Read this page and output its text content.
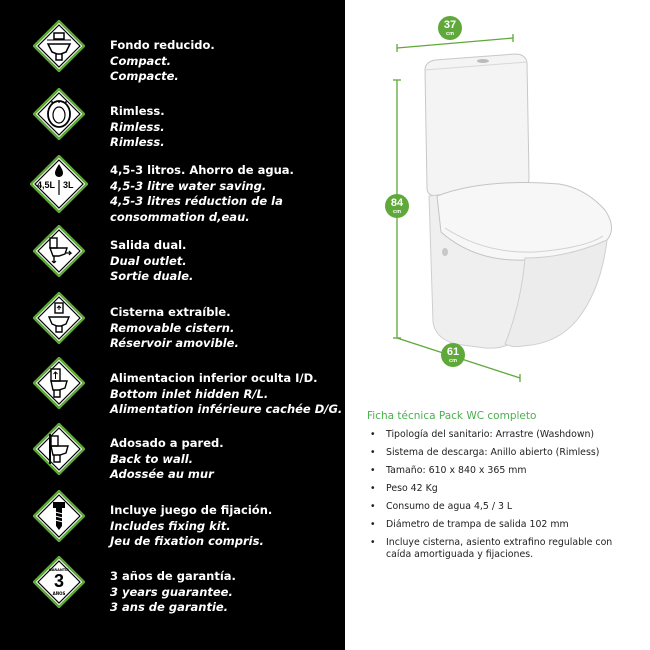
Fondo reducido.
Compact.
Compacte.
Rimless.
Rimless.
Rimless.
4,5L 3L
4,5-3 litros. Ahorro de agua.
4,5-3 litre water saving.
4,5-3 litres réduction de la
consommation d,eau.
Salida dual.
Dual outlet.
Sortie duale.
Cisterna extraíble.
Removable cistern.
Réservoir amovible.
Alimentacion inferior oculta I/D.
Bottom inlet hidden R/L.
Alimentation inférieure cachée D/G.
Adosado a pared.
Back to wall.
Adossée au mur
Incluye juego de fijación.
Includes fixing kit.
Jeu de fixation compris.
GARANTÍA
3
AÑOS
3 años de garantía.
3 years guarantee.
3 ans de garantie.
37
cm
84
cm
61
cm
Ficha técnica Pack WC completo
• Tipología del sanitario: Arrastre (Washdown)
• Sistema de descarga: Anillo abierto (Rimless)
• Tamaño: 610 x 840 x 365 mm
• Peso 42 Kg
• Consumo de agua 4,5 / 3 L
• Diámetro de trampa de salida 102 mm
• Incluye cisterna, asiento extrafino regulable con caída amortiguada y fijaciones.
